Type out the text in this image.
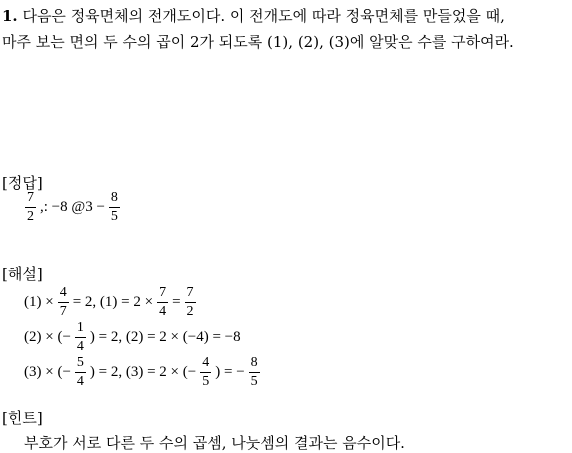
1. 다음은 정육면체의 전개도이다. 이 전개도에 따라 정육면체를 만들었을 때,
마주 보는 면의 두 수의 곱이 2가 되도록 (1), (2), (3)에 알맞은 수를 구하여라.
[정답]
$\frac{7}{2}$ ,: −8 @3 − $\frac{8}{5}$
[해설]
$(1) \times \frac{4}{7} = 2$, $(1) = 2 \times \frac{7}{4} = \frac{7}{2}$
(2) × (− $\frac{1}{4}$ ) = 2, (2) = 2 × (−4) = −8
(3) × (− $\frac{5}{4}$ ) = 2, (3) = 2 × (− $\frac{4}{5}$ ) = − $\frac{8}{5}$
[힌트]
부호가 서로 다른 두 수의 곱셈, 나눗셈의 결과는 음수이다.
